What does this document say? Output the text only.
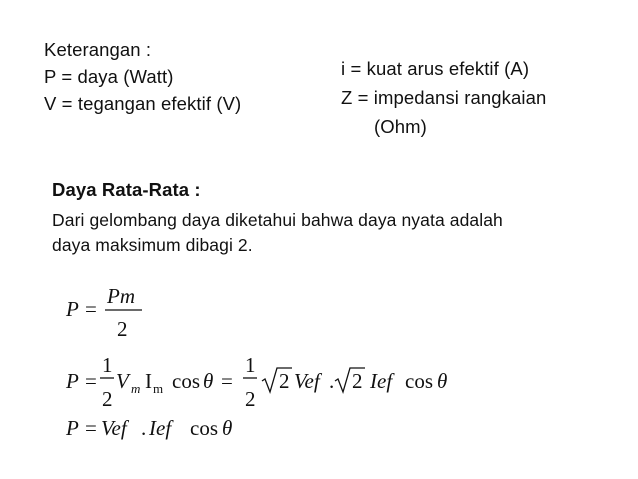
Keterangan :
P = daya (Watt)
V = tegangan efektif (V)
i = kuat arus efektif (A)
Z = impedansi rangkaian
(Ohm)
Daya Rata-Rata :
Dari gelombang daya diketahui bahwa daya nyata adalah
daya maksimum dibagi 2.
P =
Pm
2
P =
1
2
V m I m cos θ =
1
2
2 Vef . 2 Ief cos θ
P = Vef . Ief cos θ
